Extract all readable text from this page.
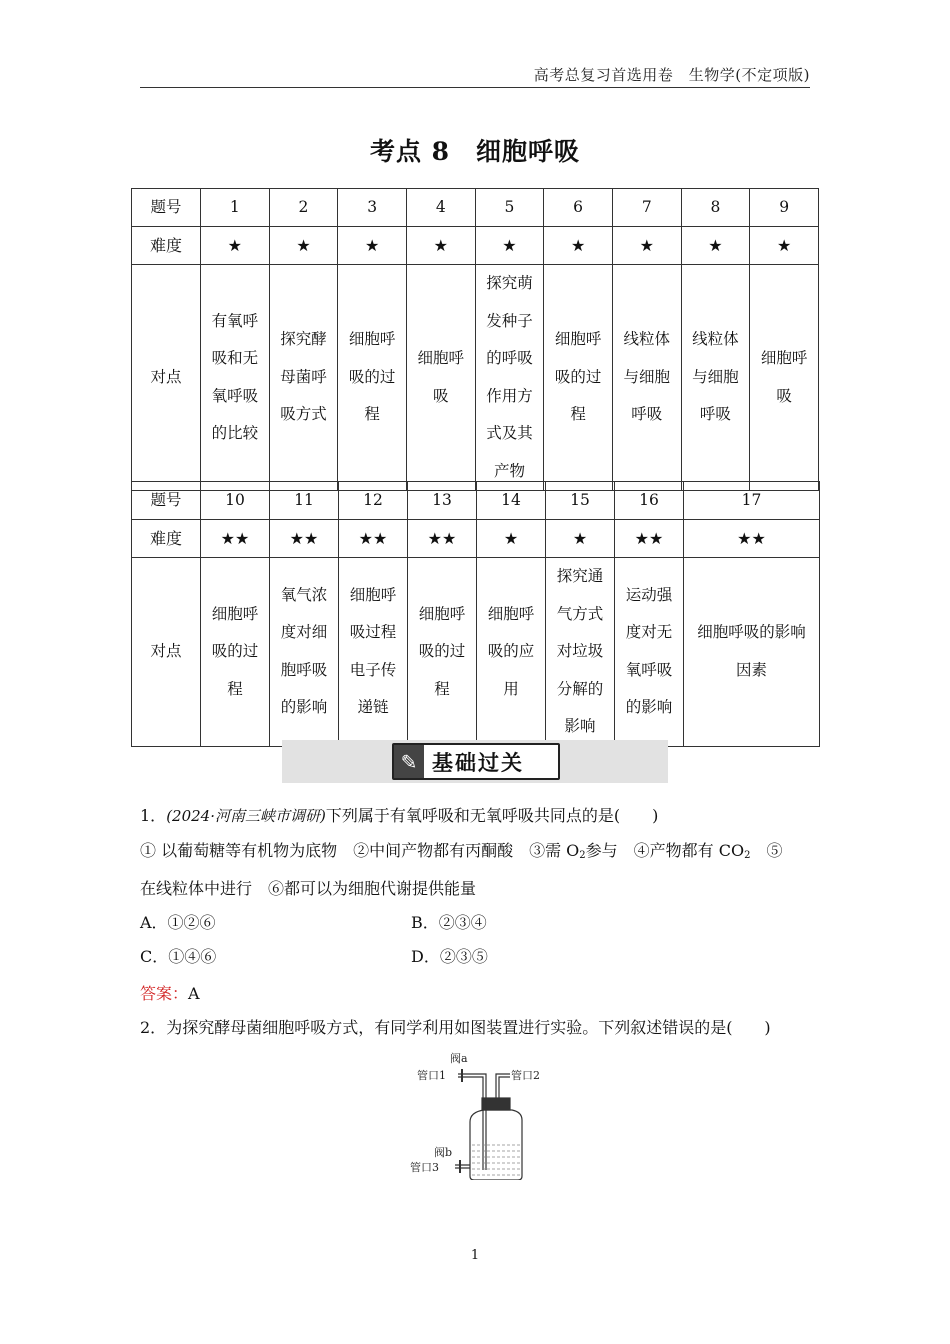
高考总复习首选用卷　生物学(不定项版)
考点 8　细胞呼吸
题号	1	2	3	4	5	6	7	8	9
难度	★	★	★	★	★	★	★	★	★
对点	有氧呼吸和无氧呼吸的比较	探究酵母菌呼吸方式	细胞呼吸的过程	细胞呼吸	探究萌发种子的呼吸作用方式及其产物	细胞呼吸的过程	线粒体与细胞呼吸	线粒体与细胞呼吸	细胞呼吸
题号	10	11	12	13	14	15	16	17
难度	★★	★★	★★	★★	★	★	★★	★★
对点	细胞呼吸的过程	氧气浓度对细胞呼吸的影响	细胞呼吸过程电子传递链	细胞呼吸的过程	细胞呼吸的应用	探究通气方式对垃圾分解的影响	运动强度对无氧呼吸的影响	细胞呼吸的影响因素
✎ 基础过关
1．(2024·河南三峡市调研)下列属于有氧呼吸和无氧呼吸共同点的是(　　)
① 以葡萄糖等有机物为底物　②中间产物都有丙酮酸　③需 $O_2$参与　④产物都有 $CO_2$　⑤
在线粒体中进行　⑥都可以为细胞代谢提供能量
A．①②⑥	B．②③④
C．①④⑥	D．②③⑤
答案：A
2．为探究酵母菌细胞呼吸方式，有同学利用如图装置进行实验。下列叙述错误的是(　　)
阀a
管口1	管口2
阀b
管口3
1
